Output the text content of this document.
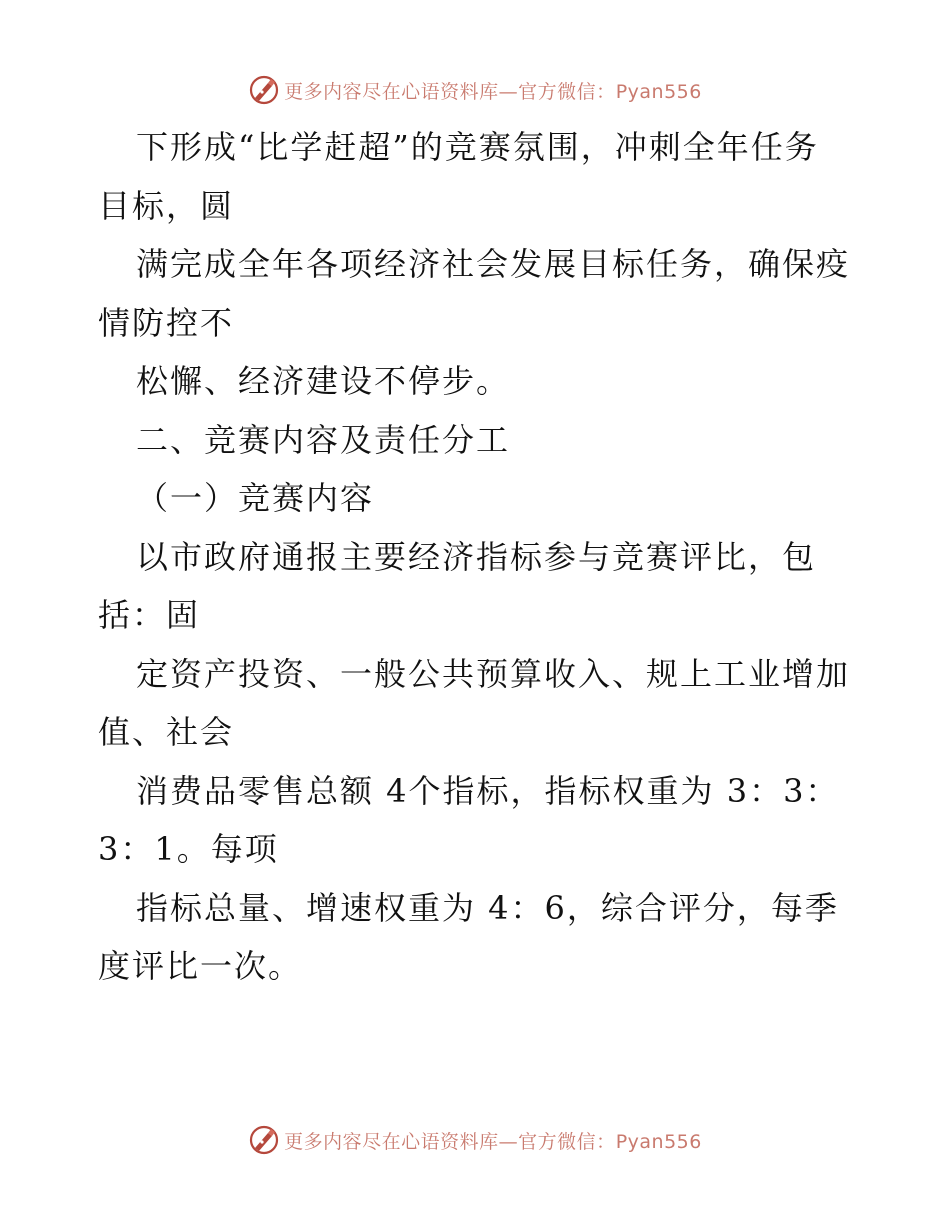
更多内容尽在心语资料库—官方微信：Pyan556
下形成“比学赶超”的竞赛氛围，冲刺全年任务
目标，圆
满完成全年各项经济社会发展目标任务，确保疫
情防控不
松懈、经济建设不停步。
二、竞赛内容及责任分工
（一）竞赛内容
以市政府通报主要经济指标参与竞赛评比，包
括：固
定资产投资、一般公共预算收入、规上工业增加
值、社会
消费品零售总额 4个指标，指标权重为 3：3：
3：1。每项
指标总量、增速权重为 4：6，综合评分，每季
度评比一次。
更多内容尽在心语资料库—官方微信：Pyan556
